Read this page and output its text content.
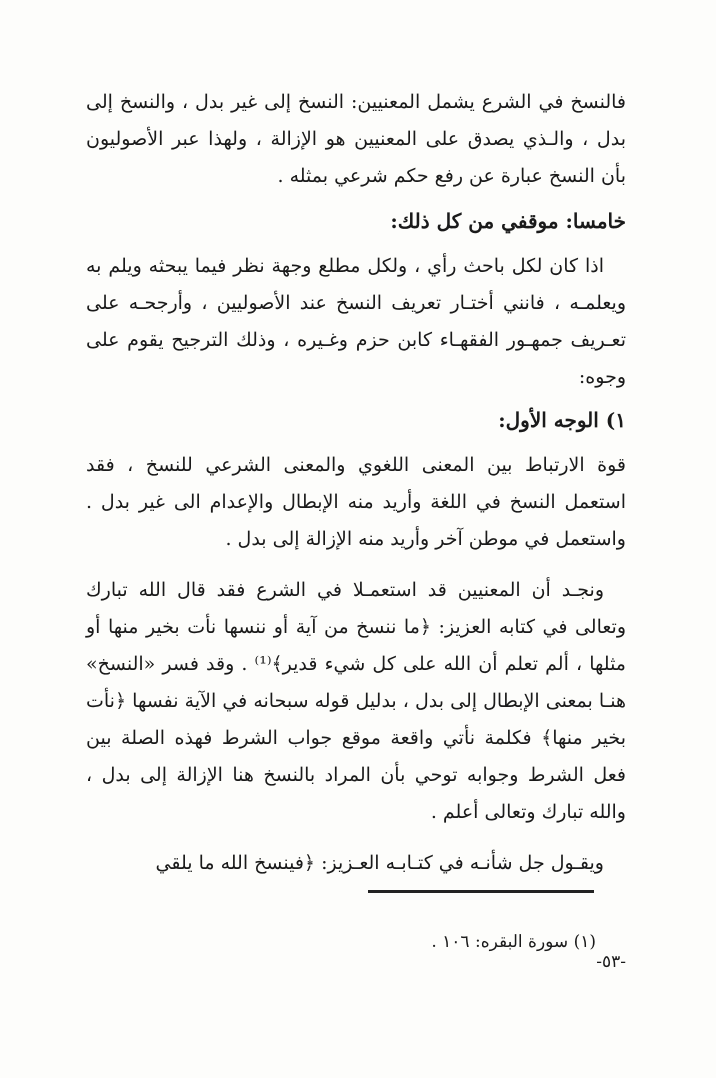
فالنسخ في الشرع يشمل المعنيين: النسخ إلى غير بدل ، والنسخ إلى بدل ، والـذي يصدق على المعنيين هو الإزالة ، ولهذا عبر الأصوليون بأن النسخ عبارة عن رفع حكم شرعي بمثله .

خامسا: موقفي من كل ذلك:

اذا كان لكل باحث رأي ، ولكل مطلع وجهة نظر فيما يبحثه ويلم به ويعلمـه ، فانني أختـار تعريف النسخ عند الأصوليين ، وأرجحـه على تعـريف جمهـور الفقهـاء كابن حزم وغـيره ، وذلك الترجيح يقوم على وجوه:

١) الوجه الأول:

قوة الارتباط بين المعنى اللغوي والمعنى الشرعي للنسخ ، فقد استعمل النسخ في اللغة وأريد منه الإبطال والإعدام الى غير بدل . واستعمل في موطن آخر وأريد منه الإزالة إلى بدل .

ونجـد أن المعنيين قد استعمـلا في الشرع فقد قال الله تبارك وتعالى في كتابه العزيز: ﴿ما ننسخ من آية أو ننسها نأت بخير منها أو مثلها ، ألم تعلم أن الله على كل شيء قدير﴾⁽¹⁾ . وقد فسر «النسخ» هنـا بمعنى الإبطال إلى بدل ، بدليل قوله سبحانه في الآية نفسها ﴿نأت بخير منها﴾ فكلمة نأتي واقعة موقع جواب الشرط فهذه الصلة بين فعل الشرط وجوابه توحي بأن المراد بالنسخ هنا الإزالة إلى بدل ، والله تبارك وتعالى أعلم .

ويقـول جل شأنـه في كتـابـه العـزيز: ﴿فينسخ الله ما يلقي

(١) سورة البقره: ١٠٦ .
-٥٣-
